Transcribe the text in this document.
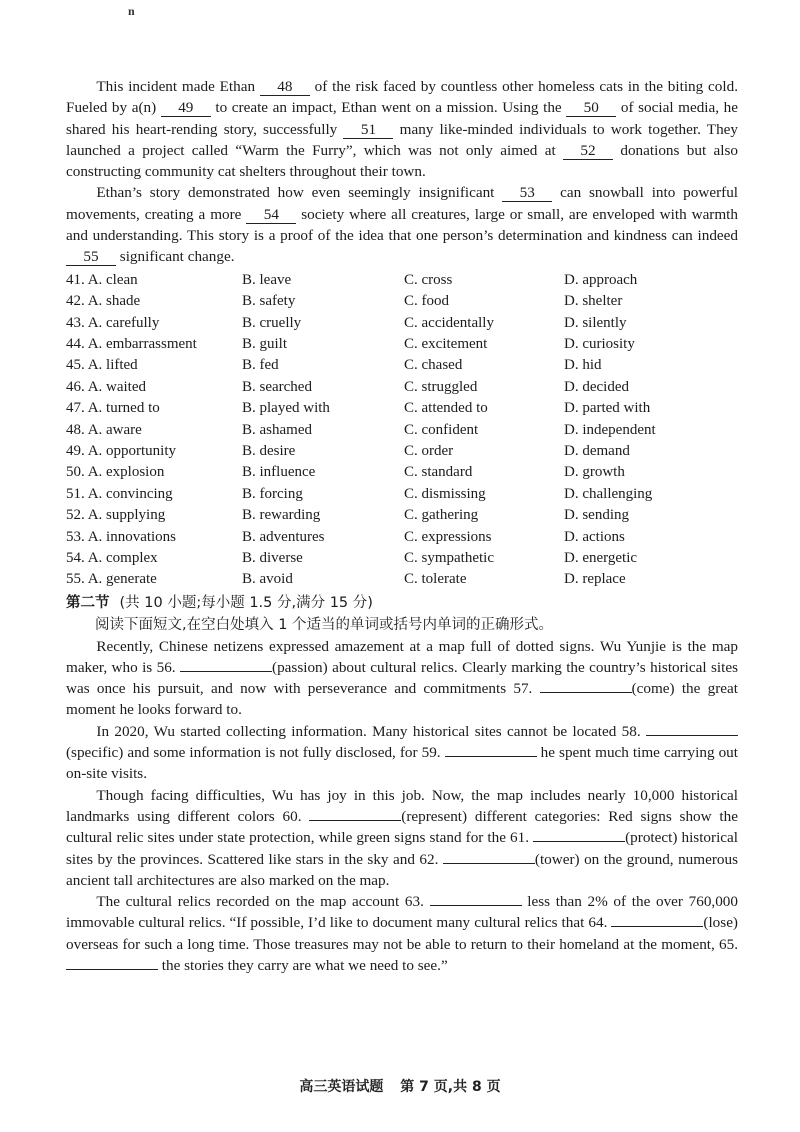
n

This incident made Ethan 48 of the risk faced by countless other homeless cats in the biting cold. Fueled by a(n) 49 to create an impact, Ethan went on a mission. Using the 50 of social media, he shared his heart-rending story, successfully 51 many like-minded individuals to work together. They launched a project called “Warm the Furry”, which was not only aimed at 52 donations but also constructing community cat shelters throughout their town.

Ethan’s story demonstrated how even seemingly insignificant 53 can snowball into powerful movements, creating a more 54 society where all creatures, large or small, are enveloped with warmth and understanding. This story is a proof of the idea that one person’s determination and kindness can indeed 55 significant change.

41. A. clean	B. leave	C. cross	D. approach
42. A. shade	B. safety	C. food	D. shelter
43. A. carefully	B. cruelly	C. accidentally	D. silently
44. A. embarrassment	B. guilt	C. excitement	D. curiosity
45. A. lifted	B. fed	C. chased	D. hid
46. A. waited	B. searched	C. struggled	D. decided
47. A. turned to	B. played with	C. attended to	D. parted with
48. A. aware	B. ashamed	C. confident	D. independent
49. A. opportunity	B. desire	C. order	D. demand
50. A. explosion	B. influence	C. standard	D. growth
51. A. convincing	B. forcing	C. dismissing	D. challenging
52. A. supplying	B. rewarding	C. gathering	D. sending
53. A. innovations	B. adventures	C. expressions	D. actions
54. A. complex	B. diverse	C. sympathetic	D. energetic
55. A. generate	B. avoid	C. tolerate	D. replace
第二节 (共 10 小题;每小题 1.5 分,满分 15 分)
阅读下面短文,在空白处填入 1 个适当的单词或括号内单词的正确形式。

Recently, Chinese netizens expressed amazement at a map full of dotted signs. Wu Yunjie is the map maker, who is 56.	(passion) about cultural relics. Clearly marking the country’s historical sites was once his pursuit, and now with perseverance and commitments 57.	(come) the great moment he looks forward to.

In 2020, Wu started collecting information. Many historical sites cannot be located 58. (specific) and some information is not fully disclosed, for 59.	he spent much time carrying out on-site visits.

Though facing difficulties, Wu has joy in this job. Now, the map includes nearly 10,000 historical landmarks using different colors 60.	(represent) different categories: Red signs show the cultural relic sites under state protection, while green signs stand for the 61.	(protect) historical sites by the provinces. Scattered like stars in the sky and 62.	(tower) on the ground, numerous ancient tall architectures are also marked on the map.

The cultural relics recorded on the map account 63.	less than 2% of the over 760,000 immovable cultural relics. “If possible, I’d like to document many cultural relics that 64.	(lose) overseas for such a long time. Those treasures may not be able to return to their homeland at the moment, 65.  the stories they carry are what we need to see.”

高三英语试题 第 7 页,共 8 页
